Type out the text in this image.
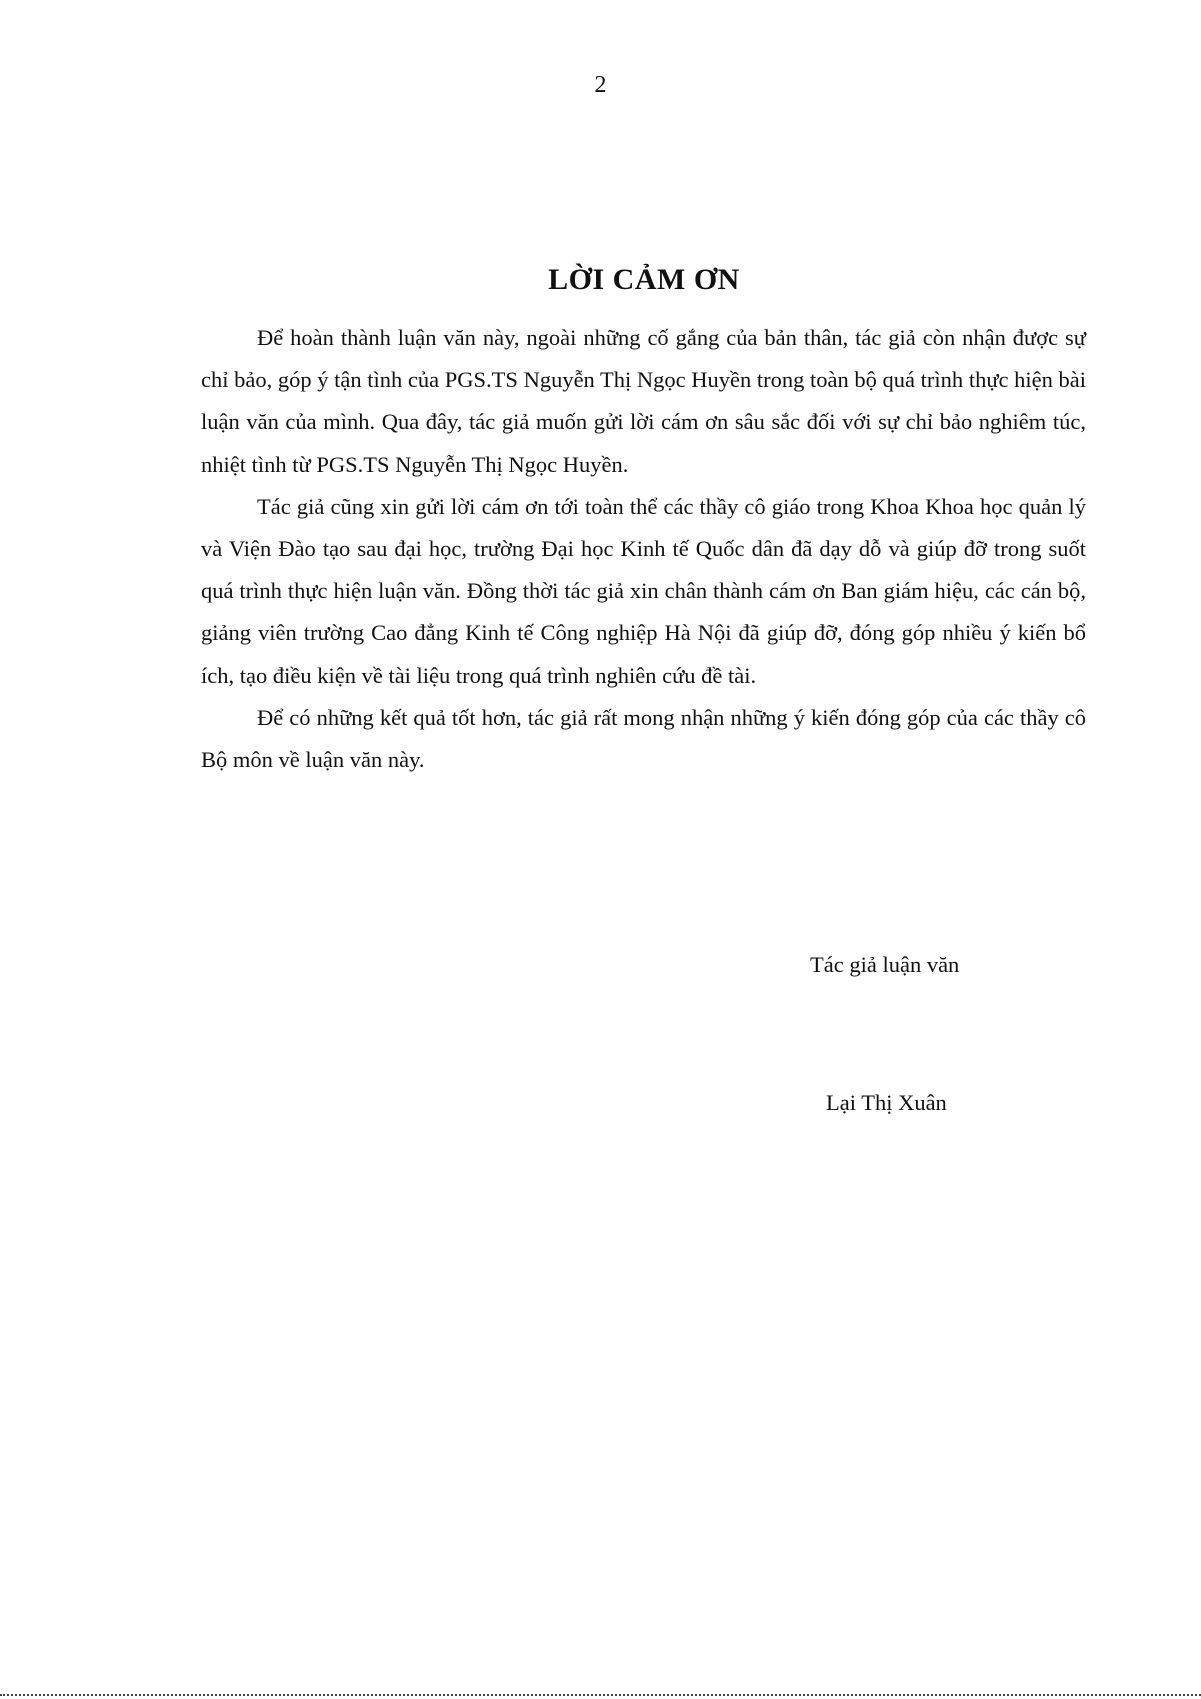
2
LỜI CẢM ƠN

Để hoàn thành luận văn này, ngoài những cố gắng của bản thân, tác giả còn nhận được sự chỉ bảo, góp ý tận tình của PGS.TS Nguyễn Thị Ngọc Huyền trong toàn bộ quá trình thực hiện bài luận văn của mình. Qua đây, tác giả muốn gửi lời cám ơn sâu sắc đối với sự chỉ bảo nghiêm túc, nhiệt tình từ PGS.TS Nguyễn Thị Ngọc Huyền.

Tác giả cũng xin gửi lời cám ơn tới toàn thể các thầy cô giáo trong Khoa Khoa học quản lý và Viện Đào tạo sau đại học, trường Đại học Kinh tế Quốc dân đã dạy dỗ và giúp đỡ trong suốt quá trình thực hiện luận văn. Đồng thời tác giả xin chân thành cám ơn Ban giám hiệu, các cán bộ, giảng viên trường Cao đẳng Kinh tế Công nghiệp Hà Nội đã giúp đỡ, đóng góp nhiều ý kiến bổ ích, tạo điều kiện về tài liệu trong quá trình nghiên cứu đề tài.

Để có những kết quả tốt hơn, tác giả rất mong nhận những ý kiến đóng góp của các thầy cô Bộ môn về luận văn này.

Tác giả luận văn
Lại Thị Xuân
